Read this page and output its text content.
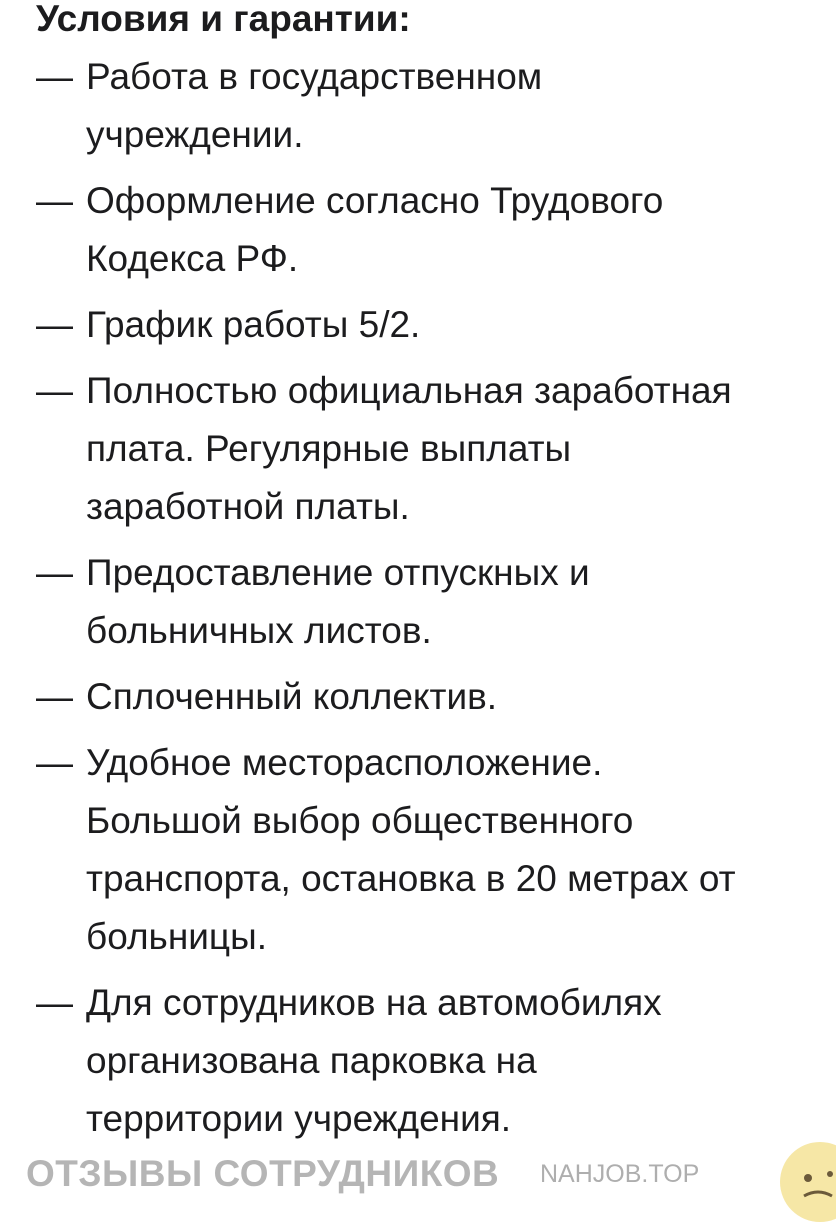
Условия и гарантии:
— Работа в государственном
учреждении.
— Оформление согласно Трудового
Кодекса РФ.
— График работы 5/2.
— Полностью официальная заработная
плата. Регулярные выплаты
заработной платы.
— Предоставление отпускных и
больничных листов.
— Сплоченный коллектив.
— Удобное месторасположение.
Большой выбор общественного
транспорта, остановка в 20 метрах от
больницы.
— Для сотрудников на автомобилях
организована парковка на
территории учреждения.
ОТЗЫВЫ СОТРУДНИКОВ NAHJOB.TOP
